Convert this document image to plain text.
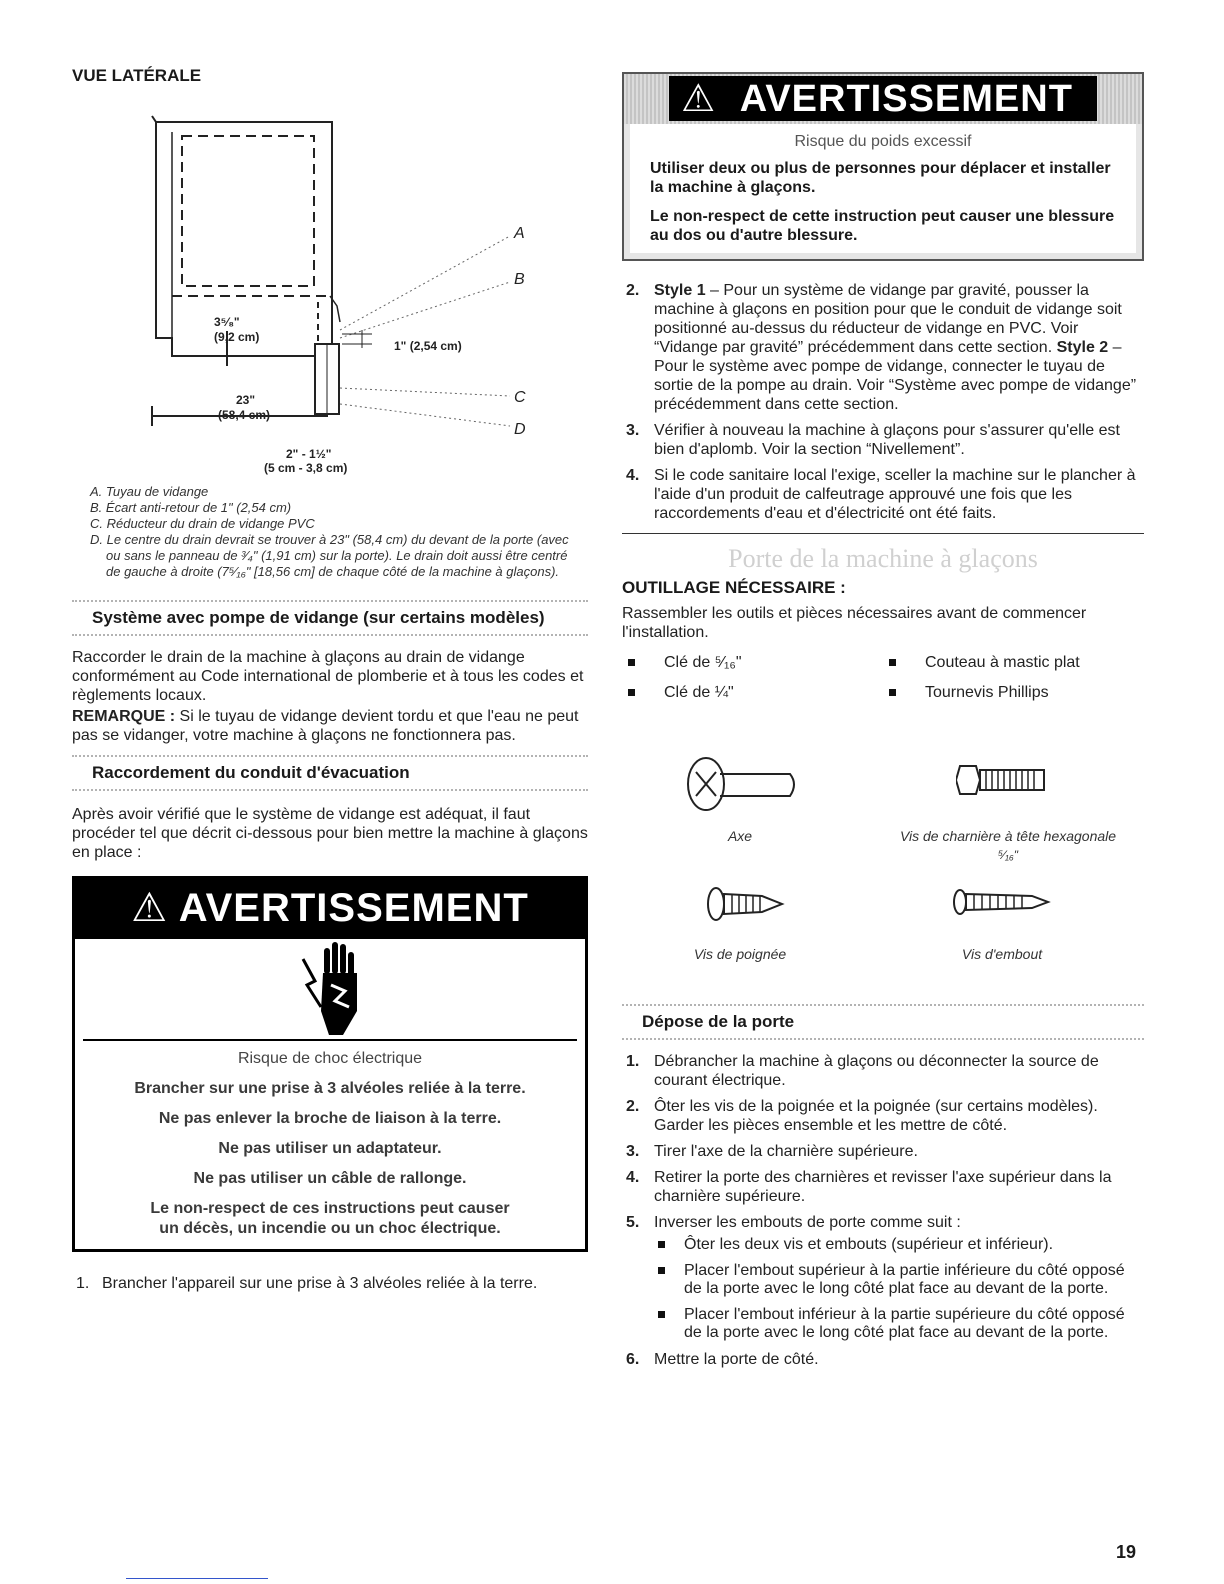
VUE LATÉRALE
A
B
C
D
3⁵⁄₈"
(9,2 cm)
1" (2,54 cm)
23"
(58,4 cm)
2" - 1½"
(5 cm - 3,8 cm)
A. Tuyau de vidange
B. Écart anti-retour de 1" (2,54 cm)
C. Réducteur du drain de vidange PVC
D. Le centre du drain devrait se trouver à 23" (58,4 cm) du devant de la porte (avec ou sans le panneau de ³⁄₄" (1,91 cm) sur la porte). Le drain doit aussi être centré de gauche à droite (7⁵⁄₁₆" [18,56 cm] de chaque côté de la machine à glaçons).
Système avec pompe de vidange (sur certains modèles)

Raccorder le drain de la machine à glaçons au drain de vidange conformément au Code international de plomberie et à tous les codes et règlements locaux.

REMARQUE : Si le tuyau de vidange devient tordu et que l'eau ne peut pas se vidanger, votre machine à glaçons ne fonctionnera pas.

Raccordement du conduit d'évacuation

Après avoir vérifié que le système de vidange est adéquat, il faut procéder tel que décrit ci-dessous pour bien mettre la machine à glaçons en place :

⚠ AVERTISSEMENT
Risque de choc électrique
Brancher sur une prise à 3 alvéoles reliée à la terre.
Ne pas enlever la broche de liaison à la terre.
Ne pas utiliser un adaptateur.
Ne pas utiliser un câble de rallonge.
Le non-respect de ces instructions peut causer
un décès, un incendie ou un choc électrique.
1. Brancher l'appareil sur une prise à 3 alvéoles reliée à la terre.
⚠ AVERTISSEMENT
Risque du poids excessif
Utiliser deux ou plus de personnes pour déplacer et installer la machine à glaçons.
Le non-respect de cette instruction peut causer une blessure au dos ou d'autre blessure.
2. Style 1 – Pour un système de vidange par gravité, pousser la machine à glaçons en position pour que le conduit de vidange soit positionné au-dessus du réducteur de vidange en PVC. Voir “Vidange par gravité” précédemment dans cette section. Style 2 – Pour le système avec pompe de vidange, connecter le tuyau de sortie de la pompe au drain. Voir “Système avec pompe de vidange” précédemment dans cette section.
3. Vérifier à nouveau la machine à glaçons pour s'assurer qu'elle est bien d'aplomb. Voir la section “Nivellement”.
4. Si le code sanitaire local l'exige, sceller la machine sur le plancher à l'aide d'un produit de calfeutrage approuvé une fois que les raccordements d'eau et d'électricité ont été faits.
Porte de la machine à glaçons
OUTILLAGE NÉCESSAIRE :

Rassembler les outils et pièces nécessaires avant de commencer l'installation.

Clé de ⁵⁄₁₆"
Clé de ¼"
Couteau à mastic plat
Tournevis Phillips
Axe	Vis de charnière à tête hexagonale
⁵⁄₁₆"
Vis de poignée	Vis d'embout
Dépose de la porte
1. Débrancher la machine à glaçons ou déconnecter la source de courant électrique.
2. Ôter les vis de la poignée et la poignée (sur certains modèles). Garder les pièces ensemble et les mettre de côté.
3. Tirer l'axe de la charnière supérieure.
4. Retirer la porte des charnières et revisser l'axe supérieur dans la charnière supérieure.
5. Inverser les embouts de porte comme suit :
Ôter les deux vis et embouts (supérieur et inférieur).
Placer l'embout supérieur à la partie inférieure du côté opposé de la porte avec le long côté plat face au devant de la porte.
Placer l'embout inférieur à la partie supérieure du côté opposé de la porte avec le long côté plat face au devant de la porte.
6. Mettre la porte de côté.
19
